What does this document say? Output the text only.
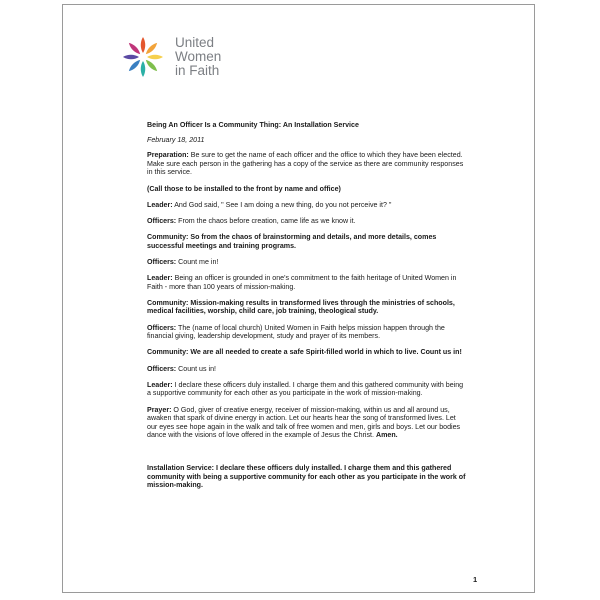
United
Women
in Faith

Being An Officer Is a Community Thing: An Installation Service

February 18, 2011

Preparation: Be sure to get the name of each officer and the office to which they have been elected. Make sure each person in the gathering has a copy of the service as there are community responses in this service.

(Call those to be installed to the front by name and office)

Leader: And God said, " See I am doing a new thing, do you not perceive it? "

Officers: From the chaos before creation, came life as we know it.

Community: So from the chaos of brainstorming and details, and more details, comes successful meetings and training programs.

Officers: Count me in!

Leader: Being an officer is grounded in one's commitment to the faith heritage of United Women in Faith - more than 100 years of mission-making.

Community: Mission-making results in transformed lives through the ministries of schools, medical facilities, worship, child care, job training, theological study.

Officers: The (name of local church) United Women in Faith helps mission happen through the financial giving, leadership development, study and prayer of its members.

Community: We are all needed to create a safe Spirit-filled world in which to live. Count us in!

Officers: Count us in!

Leader: I declare these officers duly installed. I charge them and this gathered community with being a supportive community for each other as you participate in the work of mission-making.

Prayer: O God, giver of creative energy, receiver of mission-making, within us and all around us, awaken that spark of divine energy in action. Let our hearts hear the song of transformed lives. Let our eyes see hope again in the walk and talk of free women and men, girls and boys. Let our bodies dance with the visions of love offered in the example of Jesus the Christ. Amen.

Installation Service: I declare these officers duly installed. I charge them and this gathered community with being a supportive community for each other as you participate in the work of mission-making.

1
